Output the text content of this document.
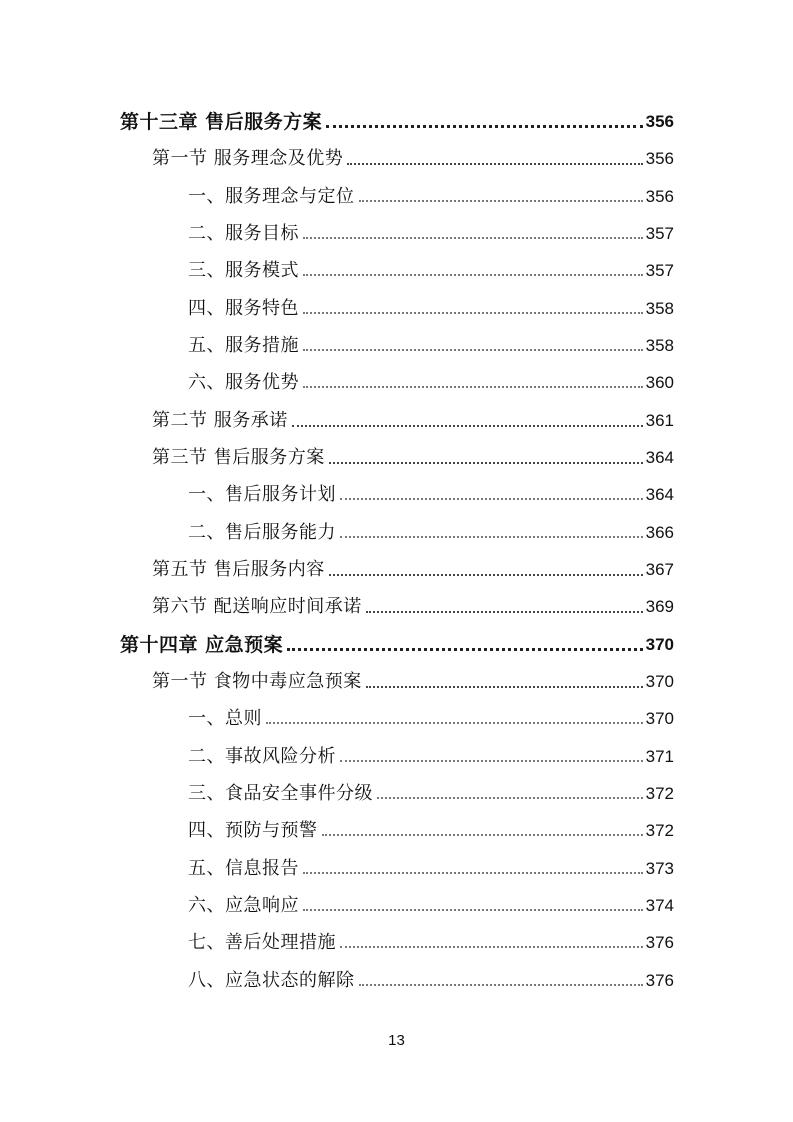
第十三章 售后服务方案	356
第一节 服务理念及优势	356
一、服务理念与定位	356
二、服务目标	357
三、服务模式	357
四、服务特色	358
五、服务措施	358
六、服务优势	360
第二节 服务承诺	361
第三节 售后服务方案	364
一、售后服务计划	364
二、售后服务能力	366
第五节 售后服务内容	367
第六节 配送响应时间承诺	369
第十四章 应急预案	370
第一节 食物中毒应急预案	370
一、总则	370
二、事故风险分析	371
三、食品安全事件分级	372
四、预防与预警	372
五、信息报告	373
六、应急响应	374
七、善后处理措施	376
八、应急状态的解除	376
13
